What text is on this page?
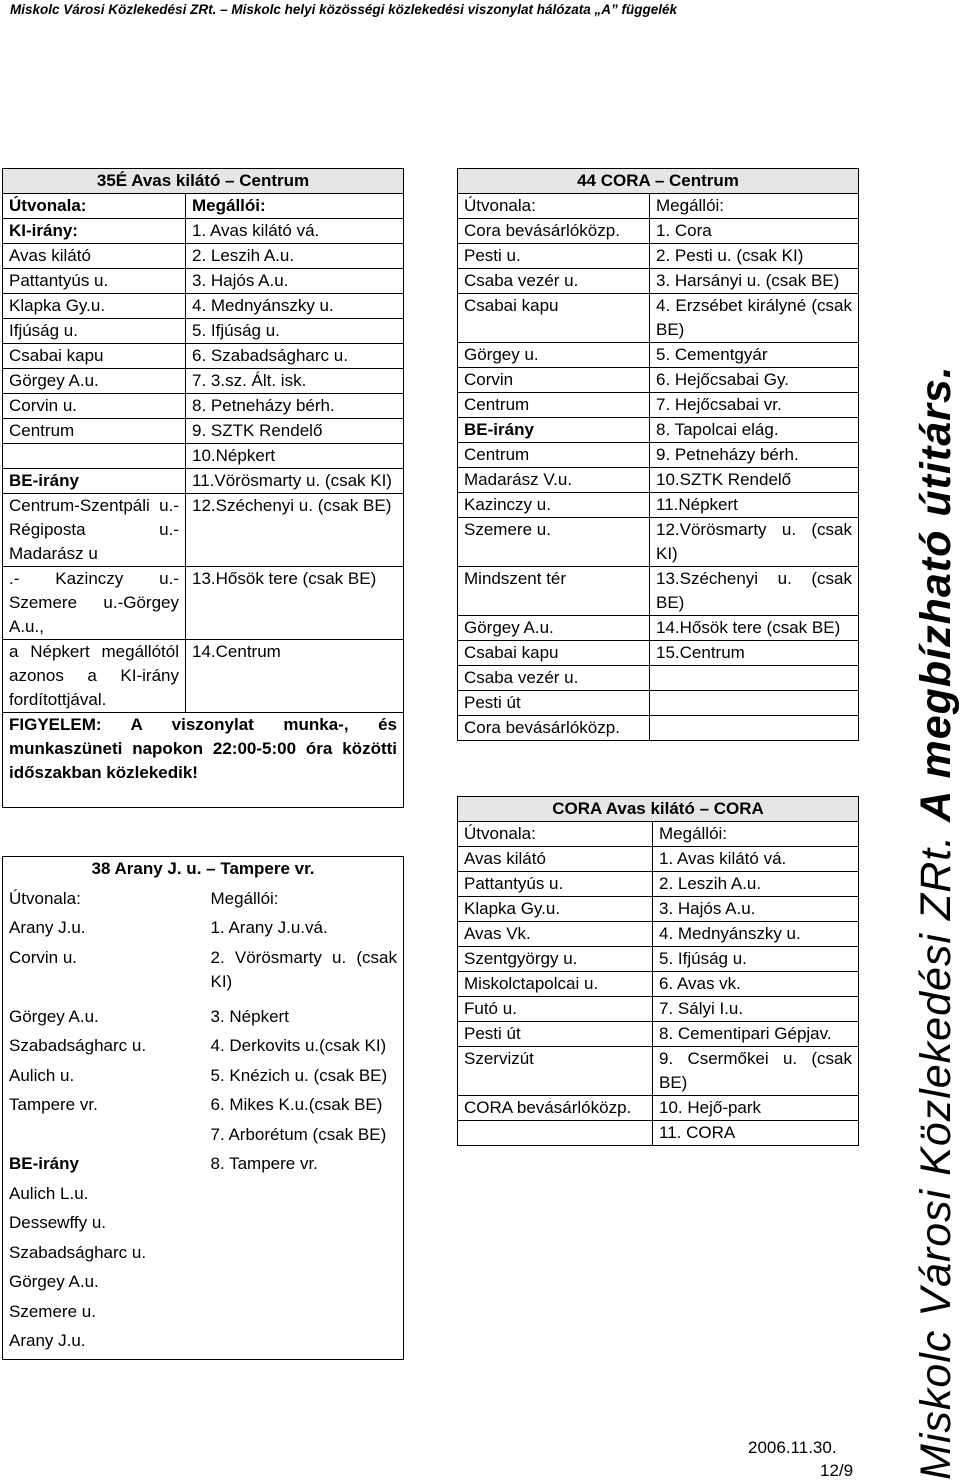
Miskolc Városi Közlekedési ZRt. – Miskolc helyi közösségi közlekedési viszonylat hálózata „A” függelék
35É Avas kilátó – Centrum	
Útvonala:	Megállói:
KI-irány:	1. Avas kilátó vá.
Avas kilátó	2. Leszih A.u.
Pattantyús u.	3. Hajós A.u.
Klapka Gy.u.	4. Mednyánszky u.
Ifjúság u.	5. Ifjúság u.
Csabai kapu	6. Szabadságharc u.
Görgey A.u.	7. 3.sz. Ált. isk.
Corvin u.	8. Petneházy bérh.
Centrum	9. SZTK Rendelő
	10.Népkert
BE-irány	11.Vörösmarty u. (csak KI)
Centrum-Szentpáli u.- Régiposta u.- Madarász u	12.Széchenyi u. (csak BE)
.- Kazinczy u.- Szemere u.-Görgey A.u.,	13.Hősök tere (csak BE)
a Népkert megállótól azonos a KI-irány fordítottjával.	14.Centrum
FIGYELEM: A viszonylat munka-, és munkaszüneti napokon 22:00-5:00 óra közötti időszakban közlekedik!	
38 Arany J. u. – Tampere vr.	
Útvonala:	Megállói:
Arany J.u.	1. Arany J.u.vá.
Corvin u.	2. Vörösmarty u. (csak KI)
Görgey A.u.	3. Népkert
Szabadságharc u.	4. Derkovits u.(csak KI)
Aulich u.	5. Knézich u. (csak BE)
Tampere vr.	6. Mikes K.u.(csak BE)
	7. Arborétum (csak BE)
BE-irány	8. Tampere vr.
Aulich L.u.	
Dessewffy u.	
Szabadságharc u.	
Görgey A.u.	
Szemere u.	
Arany J.u.	
44 CORA – Centrum	
Útvonala:	Megállói:
Cora bevásárlóközp.	1. Cora
Pesti u.	2. Pesti u. (csak KI)
Csaba vezér u.	3. Harsányi u. (csak BE)
Csabai kapu	4. Erzsébet királyné (csak BE)
Görgey u.	5. Cementgyár
Corvin	6. Hejőcsabai Gy.
Centrum	7. Hejőcsabai vr.
BE-irány	8. Tapolcai elág.
Centrum	9. Petneházy bérh.
Madarász V.u.	10.SZTK Rendelő
Kazinczy u.	11.Népkert
Szemere u.	12.Vörösmarty u. (csak KI)
Mindszent tér	13.Széchenyi u. (csak BE)
Görgey A.u.	14.Hősök tere (csak BE)
Csabai kapu	15.Centrum
Csaba vezér u.	
Pesti út	
Cora bevásárlóközp.	
CORA Avas kilátó – CORA	
Útvonala:	Megállói:
Avas kilátó	1. Avas kilátó vá.
Pattantyús u.	2. Leszih A.u.
Klapka Gy.u.	3. Hajós A.u.
Avas Vk.	4. Mednyánszky u.
Szentgyörgy u.	5. Ifjúság u.
Miskolctapolcai u.	6. Avas vk.
Futó u.	7. Sályi I.u.
Pesti út	8. Cementipari Gépjav.
Szervizút	9. Csermőkei u. (csak BE)
CORA bevásárlóközp.	10. Hejő-park
	11. CORA
2006.11.30.
12/9 Miskolc Városi Közlekedési ZRt. A megbízható útitárs.
